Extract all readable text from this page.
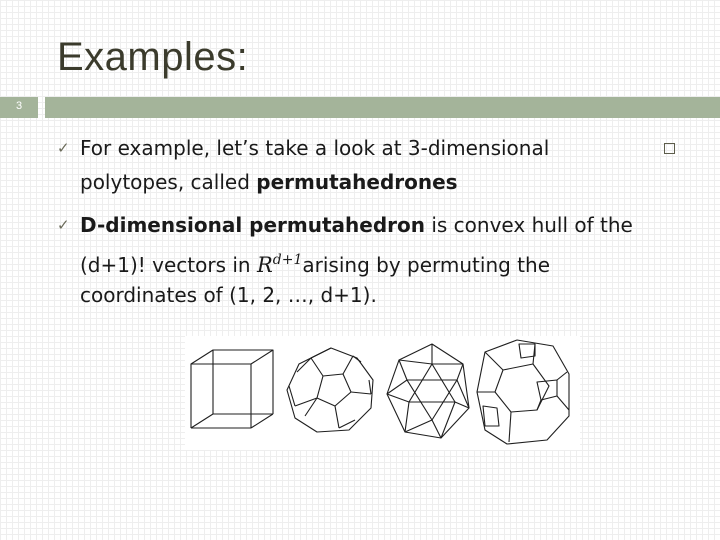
Examples:
3
✓ For example, let’s take a look at 3-dimensional
polytopes, called permutahedrones
✓ D-dimensional permutahedron is convex hull of the
(d+1)! vectors in $R^{d+1}arising$ by permuting the
coordinates of (1, 2, …, d+1).
